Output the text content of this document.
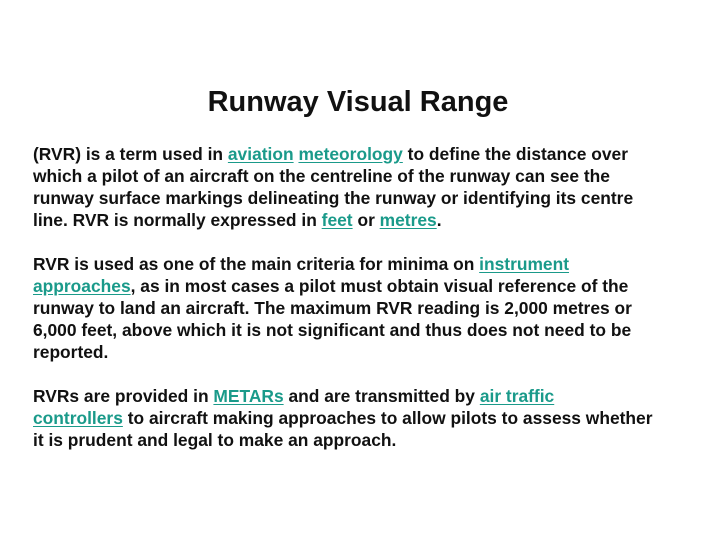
Runway Visual Range

(RVR) is a term used in aviation meteorology to define the distance over
which a pilot of an aircraft on the centreline of the runway can see the
runway surface markings delineating the runway or identifying its centre
line. RVR is normally expressed in feet or metres.

RVR is used as one of the main criteria for minima on instrument
approaches, as in most cases a pilot must obtain visual reference of the
runway to land an aircraft. The maximum RVR reading is 2,000 metres or
6,000 feet, above which it is not significant and thus does not need to be
reported.

RVRs are provided in METARs and are transmitted by air traffic
controllers to aircraft making approaches to allow pilots to assess whether
it is prudent and legal to make an approach.
